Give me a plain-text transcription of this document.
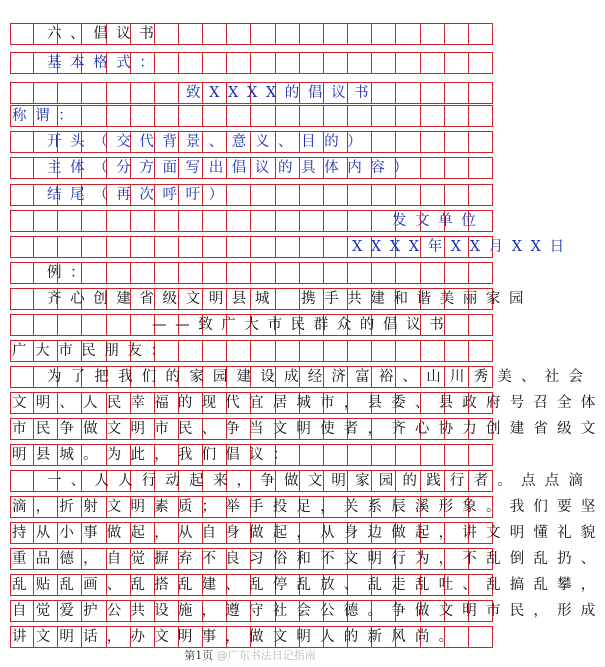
六、倡议书
基本格式：
致XXXX的倡议书
称谓：
开头（交代背景、意义、目的）
主体（分方面写出倡议的具体内容）
结尾（再次呼吁）
发文单位
XXXX年XX月XX日
例：
齐心创建省级文明县城　携手共建和谐美丽家园
——致广大市民群众的倡议书
广大市民朋友：
为了把我们的家园建设成经济富裕、山川秀美、社会
文明、人民幸福的现代宜居城市，县委、县政府号召全体
市民争做文明市民、争当文明使者，齐心协力创建省级文
明县城。为此，我们倡议：
一、人人行动起来，争做文明家园的践行者。点点滴
滴，折射文明素质；举手投足，关系辰溪形象。我们要坚
持从小事做起，从自身做起，从身边做起，讲文明懂礼貌
重品德，自觉摒弃不良习俗和不文明行为，不乱倒乱扔、
乱贴乱画、乱搭乱建、乱停乱放、乱走乱吐、乱搞乱攀，
自觉爱护公共设施，遵守社会公德。争做文明市民，形成
讲文明话，办文明事，做文明人的新风尚。
第1页 @广东书法日记指南
